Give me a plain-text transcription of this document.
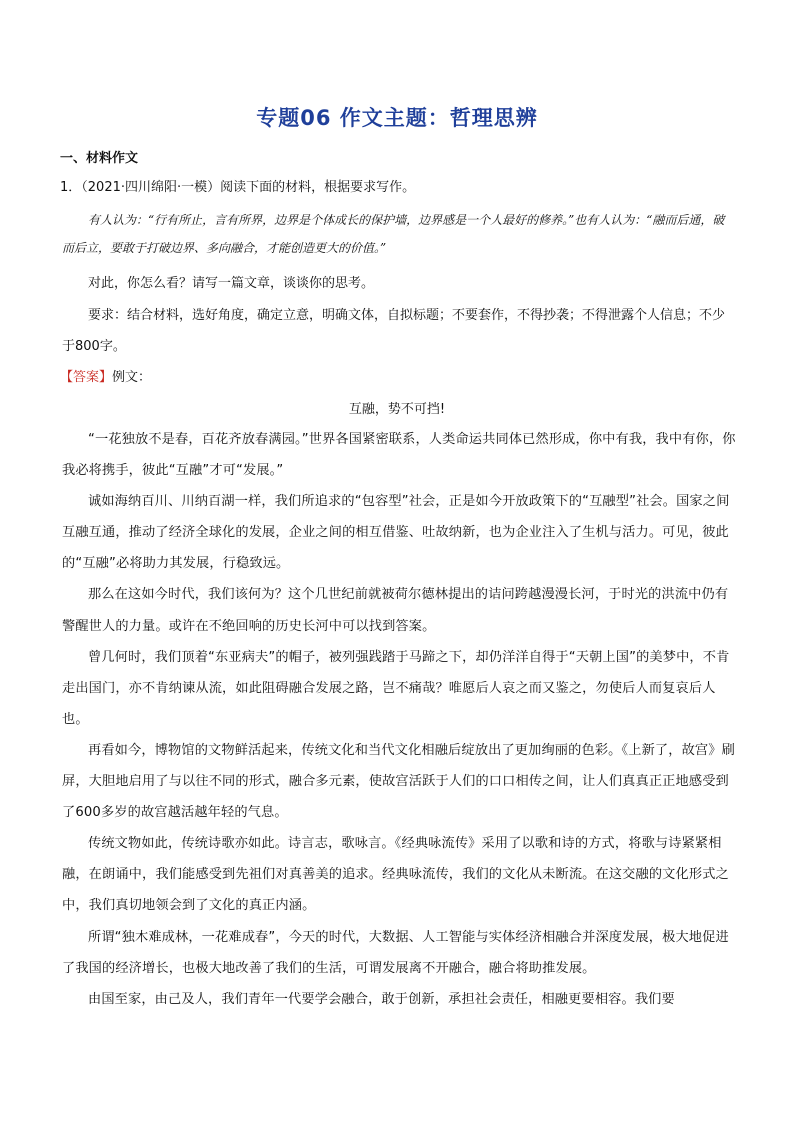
专题06 作文主题：哲理思辨
一、材料作文
1．（2021·四川绵阳·一模）阅读下面的材料，根据要求写作。
有人认为：“行有所止，言有所界，边界是个体成长的保护墙，边界感是一个人最好的修养。”也有人认为：“融而后通，破而后立，要敢于打破边界、多向融合，才能创造更大的价值。”
对此，你怎么看？请写一篇文章，谈谈你的思考。
要求：结合材料，选好角度，确定立意，明确文体，自拟标题；不要套作，不得抄袭；不得泄露个人信息；不少于800字。
【答案】例文：
互融，势不可挡!

“一花独放不是春，百花齐放春满园。”世界各国紧密联系，人类命运共同体已然形成，你中有我，我中有你，你我必将携手，彼此“互融”才可“发展。”

诚如海纳百川、川纳百湖一样，我们所追求的“包容型”社会，正是如今开放政策下的“互融型”社会。国家之间互融互通，推动了经济全球化的发展，企业之间的相互借鉴、吐故纳新，也为企业注入了生机与活力。可见，彼此的“互融”必将助力其发展，行稳致远。

那么在这如今时代，我们该何为？这个几世纪前就被荷尔德林提出的诘问跨越漫漫长河，于时光的洪流中仍有警醒世人的力量。或许在不绝回响的历史长河中可以找到答案。

曾几何时，我们顶着“东亚病夫”的帽子，被列强践踏于马蹄之下，却仍洋洋自得于“天朝上国”的美梦中，不肯走出国门，亦不肯纳谏从流，如此阻碍融合发展之路，岂不痛哉？唯愿后人哀之而又鉴之，勿使后人而复哀后人也。

再看如今，博物馆的文物鲜活起来，传统文化和当代文化相融后绽放出了更加绚丽的色彩。《上新了，故宫》刷屏，大胆地启用了与以往不同的形式，融合多元素，使故宫活跃于人们的口口相传之间，让人们真真正正地感受到了600多岁的故宫越活越年轻的气息。

传统文物如此，传统诗歌亦如此。诗言志，歌咏言。《经典咏流传》采用了以歌和诗的方式，将歌与诗紧紧相融，在朗诵中，我们能感受到先祖们对真善美的追求。经典咏流传，我们的文化从未断流。在这交融的文化形式之中，我们真切地领会到了文化的真正内涵。

所谓“独木难成林，一花难成春”，今天的时代，大数据、人工智能与实体经济相融合并深度发展，极大地促进了我国的经济增长，也极大地改善了我们的生活，可谓发展离不开融合，融合将助推发展。

由国至家，由己及人，我们青年一代要学会融合，敢于创新，承担社会责任，相融更要相容。我们要
